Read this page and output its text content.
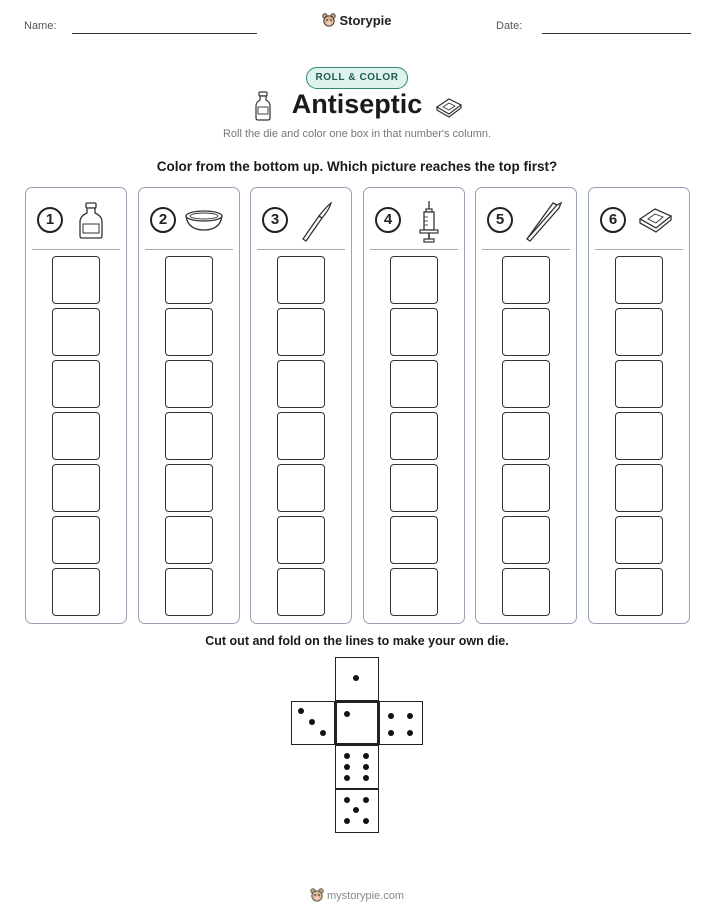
Name:	Storypie	Date:
ROLL & COLOR
Antiseptic
Roll the die and color one box in that number's column.
Color from the bottom up. Which picture reaches the top first?
1	2	3	4	5	6
Cut out and fold on the lines to make your own die.
mystorypie.com
